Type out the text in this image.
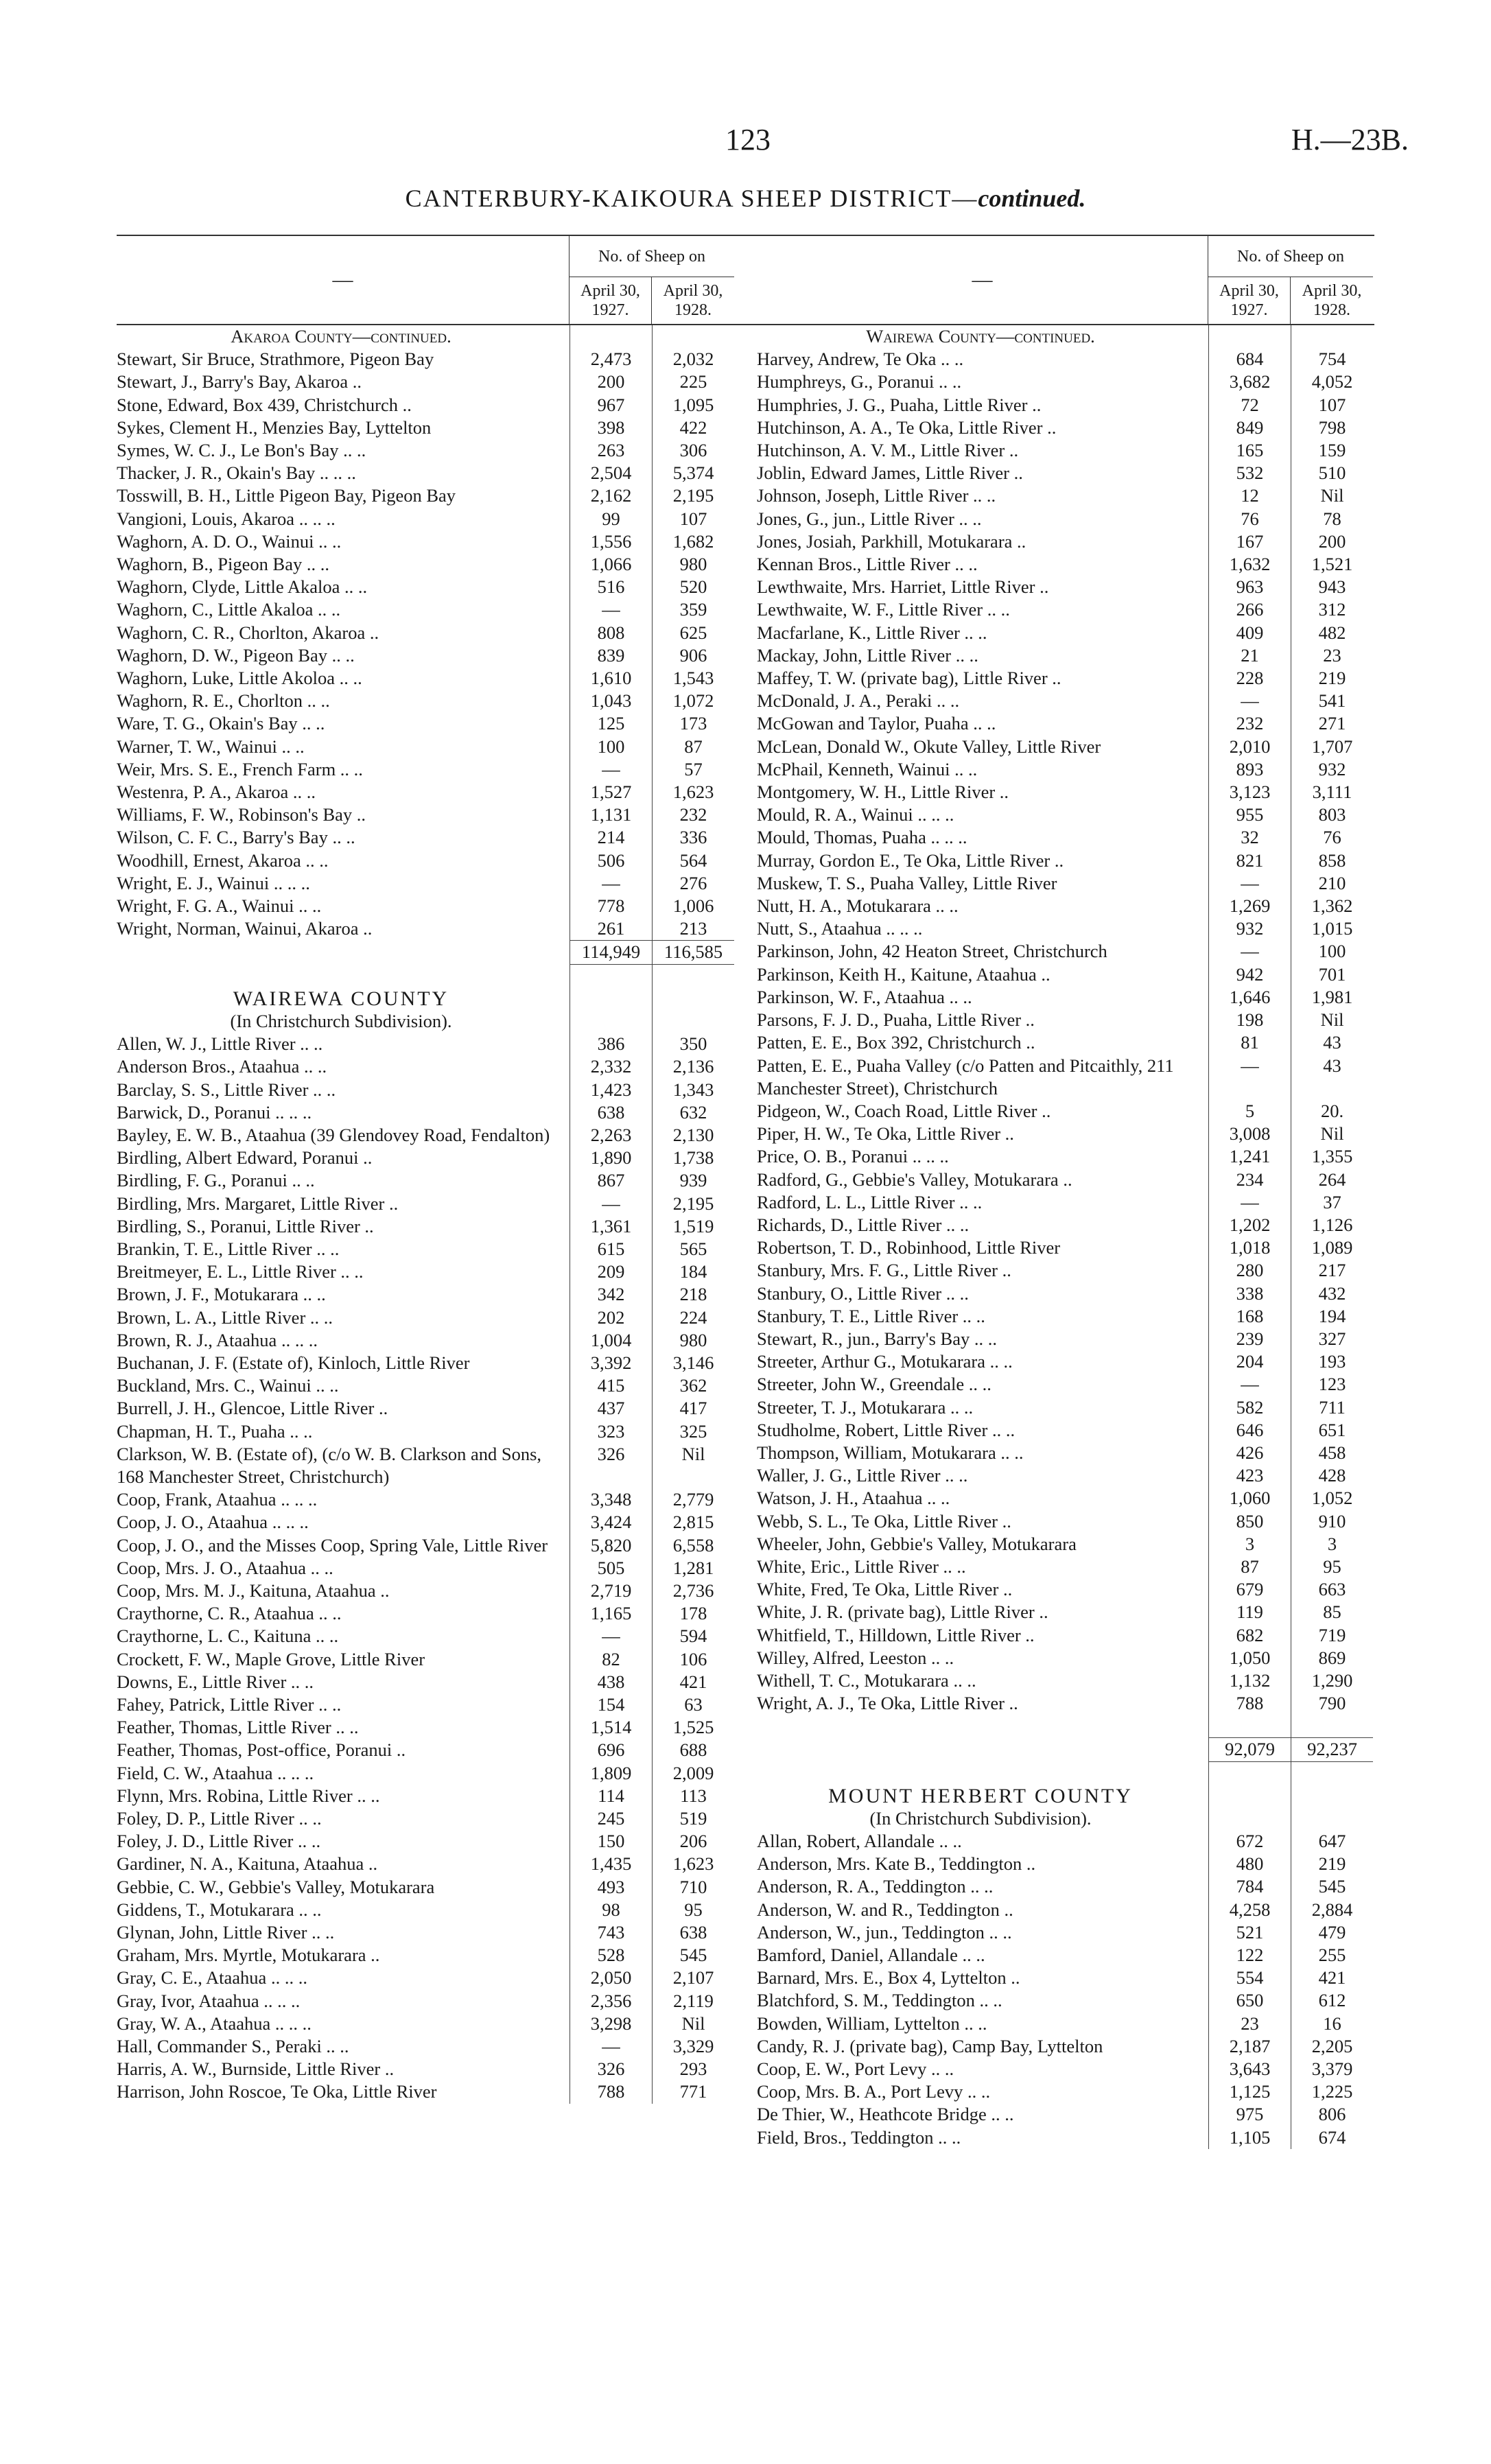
123	H.—23B.
CANTERBURY-KAIKOURA SHEEP DISTRICT—continued.
—
No. of Sheep on
April 30, 1927.
April 30, 1928.
Akaroa County—continued.
Stewart, Sir Bruce, Strathmore, Pigeon Bay	2,473	2,032
Stewart, J., Barry's Bay, Akaroa ..	200	225
Stone, Edward, Box 439, Christchurch ..	967	1,095
Sykes, Clement H., Menzies Bay, Lyttelton	398	422
Symes, W. C. J., Le Bon's Bay .. ..	263	306
Thacker, J. R., Okain's Bay .. .. ..	2,504	5,374
Tosswill, B. H., Little Pigeon Bay, Pigeon Bay	2,162	2,195
Vangioni, Louis, Akaroa .. .. ..	99	107
Waghorn, A. D. O., Wainui .. ..	1,556	1,682
Waghorn, B., Pigeon Bay .. ..	1,066	980
Waghorn, Clyde, Little Akaloa .. ..	516	520
Waghorn, C., Little Akaloa .. ..	—	359
Waghorn, C. R., Chorlton, Akaroa ..	808	625
Waghorn, D. W., Pigeon Bay .. ..	839	906
Waghorn, Luke, Little Akoloa .. ..	1,610	1,543
Waghorn, R. E., Chorlton .. ..	1,043	1,072
Ware, T. G., Okain's Bay .. ..	125	173
Warner, T. W., Wainui .. ..	100	87
Weir, Mrs. S. E., French Farm .. ..	—	57
Westenra, P. A., Akaroa .. ..	1,527	1,623
Williams, F. W., Robinson's Bay ..	1,131	232
Wilson, C. F. C., Barry's Bay .. ..	214	336
Woodhill, Ernest, Akaroa .. ..	506	564
Wright, E. J., Wainui .. .. ..	—	276
Wright, F. G. A., Wainui .. ..	778	1,006
Wright, Norman, Wainui, Akaroa ..	261	213
114,949	116,585
WAIREWA COUNTY
(In Christchurch Subdivision).
Allen, W. J., Little River .. ..	386	350
Anderson Bros., Ataahua .. ..	2,332	2,136
Barclay, S. S., Little River .. ..	1,423	1,343
Barwick, D., Poranui .. .. ..	638	632
Bayley, E. W. B., Ataahua (39 Glendovey Road, Fendalton)	2,263	2,130
Birdling, Albert Edward, Poranui ..	1,890	1,738
Birdling, F. G., Poranui .. ..	867	939
Birdling, Mrs. Margaret, Little River ..	—	2,195
Birdling, S., Poranui, Little River ..	1,361	1,519
Brankin, T. E., Little River .. ..	615	565
Breitmeyer, E. L., Little River .. ..	209	184
Brown, J. F., Motukarara .. ..	342	218
Brown, L. A., Little River .. ..	202	224
Brown, R. J., Ataahua .. .. ..	1,004	980
Buchanan, J. F. (Estate of), Kinloch, Little River	3,392	3,146
Buckland, Mrs. C., Wainui .. ..	415	362
Burrell, J. H., Glencoe, Little River ..	437	417
Chapman, H. T., Puaha .. ..	323	325
Clarkson, W. B. (Estate of), (c/o W. B. Clarkson and Sons, 168 Manchester Street, Christchurch)
326	Nil
Coop, Frank, Ataahua .. .. ..	3,348	2,779
Coop, J. O., Ataahua .. .. ..	3,424	2,815
Coop, J. O., and the Misses Coop, Spring Vale, Little River	5,820	6,558
Coop, Mrs. J. O., Ataahua .. ..	505	1,281
Coop, Mrs. M. J., Kaituna, Ataahua ..	2,719	2,736
Craythorne, C. R., Ataahua .. ..	1,165	178
Craythorne, L. C., Kaituna .. ..	—	594
Crockett, F. W., Maple Grove, Little River	82	106
Downs, E., Little River .. ..	438	421
Fahey, Patrick, Little River .. ..	154	63
Feather, Thomas, Little River .. ..	1,514	1,525
Feather, Thomas, Post-office, Poranui ..	696	688
Field, C. W., Ataahua .. .. ..	1,809	2,009
Flynn, Mrs. Robina, Little River .. ..	114	113
Foley, D. P., Little River .. ..	245	519
Foley, J. D., Little River .. ..	150	206
Gardiner, N. A., Kaituna, Ataahua ..	1,435	1,623
Gebbie, C. W., Gebbie's Valley, Motukarara	493	710
Giddens, T., Motukarara .. ..	98	95
Glynan, John, Little River .. ..	743	638
Graham, Mrs. Myrtle, Motukarara ..	528	545
Gray, C. E., Ataahua .. .. ..	2,050	2,107
Gray, Ivor, Ataahua .. .. ..	2,356	2,119
Gray, W. A., Ataahua .. .. ..	3,298	Nil
Hall, Commander S., Peraki .. ..	—	3,329
Harris, A. W., Burnside, Little River ..	326	293
Harrison, John Roscoe, Te Oka, Little River	788	771
—
No. of Sheep on
April 30, 1927.
April 30, 1928.
Wairewa County—continued.
Harvey, Andrew, Te Oka .. ..	684	754
Humphreys, G., Poranui .. ..	3,682	4,052
Humphries, J. G., Puaha, Little River ..	72	107
Hutchinson, A. A., Te Oka, Little River ..	849	798
Hutchinson, A. V. M., Little River ..	165	159
Joblin, Edward James, Little River ..	532	510
Johnson, Joseph, Little River .. ..	12	Nil
Jones, G., jun., Little River .. ..	76	78
Jones, Josiah, Parkhill, Motukarara ..	167	200
Kennan Bros., Little River .. ..	1,632	1,521
Lewthwaite, Mrs. Harriet, Little River ..	963	943
Lewthwaite, W. F., Little River .. ..	266	312
Macfarlane, K., Little River .. ..	409	482
Mackay, John, Little River .. ..	21	23
Maffey, T. W. (private bag), Little River ..	228	219
McDonald, J. A., Peraki .. ..	—	541
McGowan and Taylor, Puaha .. ..	232	271
McLean, Donald W., Okute Valley, Little River	2,010	1,707
McPhail, Kenneth, Wainui .. ..	893	932
Montgomery, W. H., Little River ..	3,123	3,111
Mould, R. A., Wainui .. .. ..	955	803
Mould, Thomas, Puaha .. .. ..	32	76
Murray, Gordon E., Te Oka, Little River ..	821	858
Muskew, T. S., Puaha Valley, Little River	—	210
Nutt, H. A., Motukarara .. ..	1,269	1,362
Nutt, S., Ataahua .. .. ..	932	1,015
Parkinson, John, 42 Heaton Street, Christchurch	—	100
Parkinson, Keith H., Kaitune, Ataahua ..	942	701
Parkinson, W. F., Ataahua .. ..	1,646	1,981
Parsons, F. J. D., Puaha, Little River ..	198	Nil
Patten, E. E., Box 392, Christchurch ..	81	43
Patten, E. E., Puaha Valley (c/o Patten and Pitcaithly, 211 Manchester Street), Christchurch
—	43
Pidgeon, W., Coach Road, Little River ..	5	20.
Piper, H. W., Te Oka, Little River ..	3,008	Nil
Price, O. B., Poranui .. .. ..	1,241	1,355
Radford, G., Gebbie's Valley, Motukarara ..	234	264
Radford, L. L., Little River .. ..	—	37
Richards, D., Little River .. ..	1,202	1,126
Robertson, T. D., Robinhood, Little River	1,018	1,089
Stanbury, Mrs. F. G., Little River ..	280	217
Stanbury, O., Little River .. ..	338	432
Stanbury, T. E., Little River .. ..	168	194
Stewart, R., jun., Barry's Bay .. ..	239	327
Streeter, Arthur G., Motukarara .. ..	204	193
Streeter, John W., Greendale .. ..	—	123
Streeter, T. J., Motukarara .. ..	582	711
Studholme, Robert, Little River .. ..	646	651
Thompson, William, Motukarara .. ..	426	458
Waller, J. G., Little River .. ..	423	428
Watson, J. H., Ataahua .. ..	1,060	1,052
Webb, S. L., Te Oka, Little River ..	850	910
Wheeler, John, Gebbie's Valley, Motukarara	3	3
White, Eric., Little River .. ..	87	95
White, Fred, Te Oka, Little River ..	679	663
White, J. R. (private bag), Little River ..	119	85
Whitfield, T., Hilldown, Little River ..	682	719
Willey, Alfred, Leeston .. ..	1,050	869
Withell, T. C., Motukarara .. ..	1,132	1,290
Wright, A. J., Te Oka, Little River ..	788	790
92,079	92,237
MOUNT HERBERT COUNTY
(In Christchurch Subdivision).
Allan, Robert, Allandale .. ..	672	647
Anderson, Mrs. Kate B., Teddington ..	480	219
Anderson, R. A., Teddington .. ..	784	545
Anderson, W. and R., Teddington ..	4,258	2,884
Anderson, W., jun., Teddington .. ..	521	479
Bamford, Daniel, Allandale .. ..	122	255
Barnard, Mrs. E., Box 4, Lyttelton ..	554	421
Blatchford, S. M., Teddington .. ..	650	612
Bowden, William, Lyttelton .. ..	23	16
Candy, R. J. (private bag), Camp Bay, Lyttelton	2,187	2,205
Coop, E. W., Port Levy .. ..	3,643	3,379
Coop, Mrs. B. A., Port Levy .. ..	1,125	1,225
De Thier, W., Heathcote Bridge .. ..	975	806
Field, Bros., Teddington .. ..	1,105	674
